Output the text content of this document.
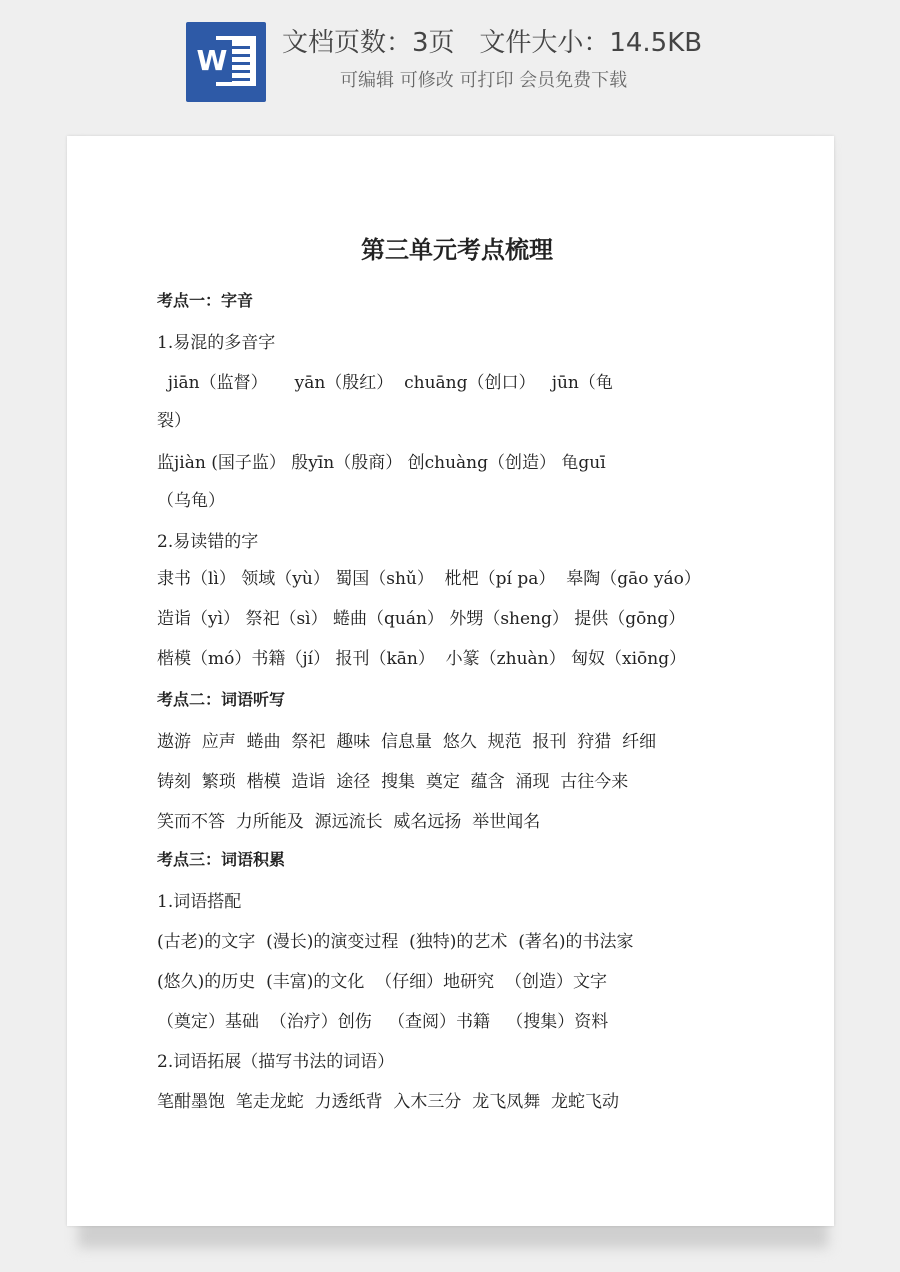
W
文档页数：3页   文件大小：14.5KB
可编辑 可修改 可打印 会员免费下载
第三单元考点梳理
考点一：字音
1.易混的多音字
jiān（监督）     yān（殷红）  chuāng（创口）   jūn（龟
裂）
监jiàn (国子监） 殷yīn（殷商） 创chuàng（创造） 龟guī
（乌龟）
2.易读错的字
隶书（lì） 领域（yù） 蜀国（shǔ）  枇杷（pí pa）  皋陶（gāo yáo）
造诣（yì） 祭祀（sì） 蜷曲（quán） 外甥（sheng） 提供（gōng）
楷模（mó）书籍（jí） 报刊（kān）  小篆（zhuàn） 匈奴（xiōng）
考点二：词语听写
遨游  应声  蜷曲  祭祀  趣味  信息量  悠久  规范  报刊  狩猎  纤细
铸刻  繁琐  楷模  造诣  途径  搜集  奠定  蕴含  涌现  古往今来
笑而不答  力所能及  源远流长  威名远扬  举世闻名
考点三：词语积累
1.词语搭配
(古老)的文字  (漫长)的演变过程  (独特)的艺术  (著名)的书法家
(悠久)的历史  (丰富)的文化  （仔细）地研究  （创造）文字
（奠定）基础  （治疗）创伤   （查阅）书籍   （搜集）资料
2.词语拓展（描写书法的词语）
笔酣墨饱  笔走龙蛇  力透纸背  入木三分  龙飞凤舞  龙蛇飞动
